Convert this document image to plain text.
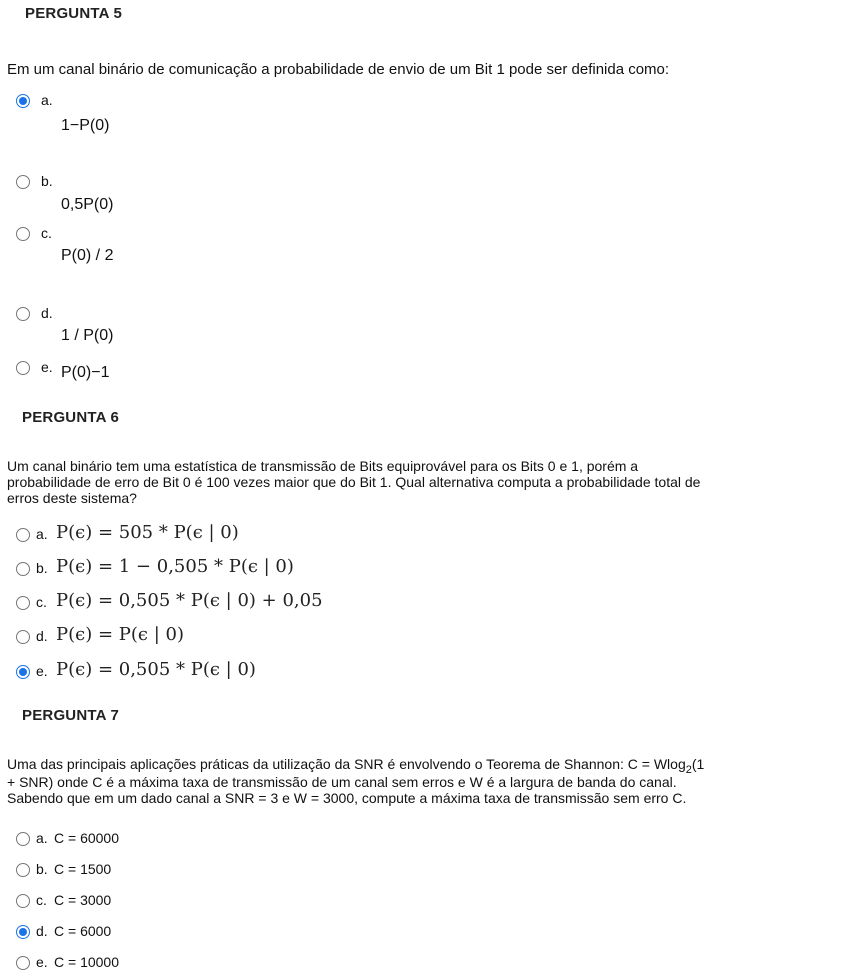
PERGUNTA 5
Em um canal binário de comunicação a probabilidade de envio de um Bit 1 pode ser definida como:
a.
1−P(0)
b.
0,5P(0)
c.
P(0) / 2
d.
1 / P(0)
e. P(0)−1
PERGUNTA 6
Um canal binário tem uma estatística de transmissão de Bits equiprovável para os Bits 0 e 1, porém a
probabilidade de erro de Bit 0 é 100 vezes maior que do Bit 1. Qual alternativa computa a probabilidade total de
erros deste sistema?
a. P(ϵ) = 505 * P(ϵ | 0)
b. P(ϵ) = 1 − 0,505 * P(ϵ | 0)
c. P(ϵ) = 0,505 * P(ϵ | 0) + 0,05
d. P(ϵ) = P(ϵ | 0)
e. P(ϵ) = 0,505 * P(ϵ | 0)
PERGUNTA 7
Uma das principais aplicações práticas da utilização da SNR é envolvendo o Teorema de Shannon: C = Wlog$_2$(1
+ SNR) onde C é a máxima taxa de transmissão de um canal sem erros e W é a largura de banda do canal.
Sabendo que em um dado canal a SNR = 3 e W = 3000, compute a máxima taxa de transmissão sem erro C.
a. C = 60000
b. C = 1500
c. C = 3000
d. C = 6000
e. C = 10000
